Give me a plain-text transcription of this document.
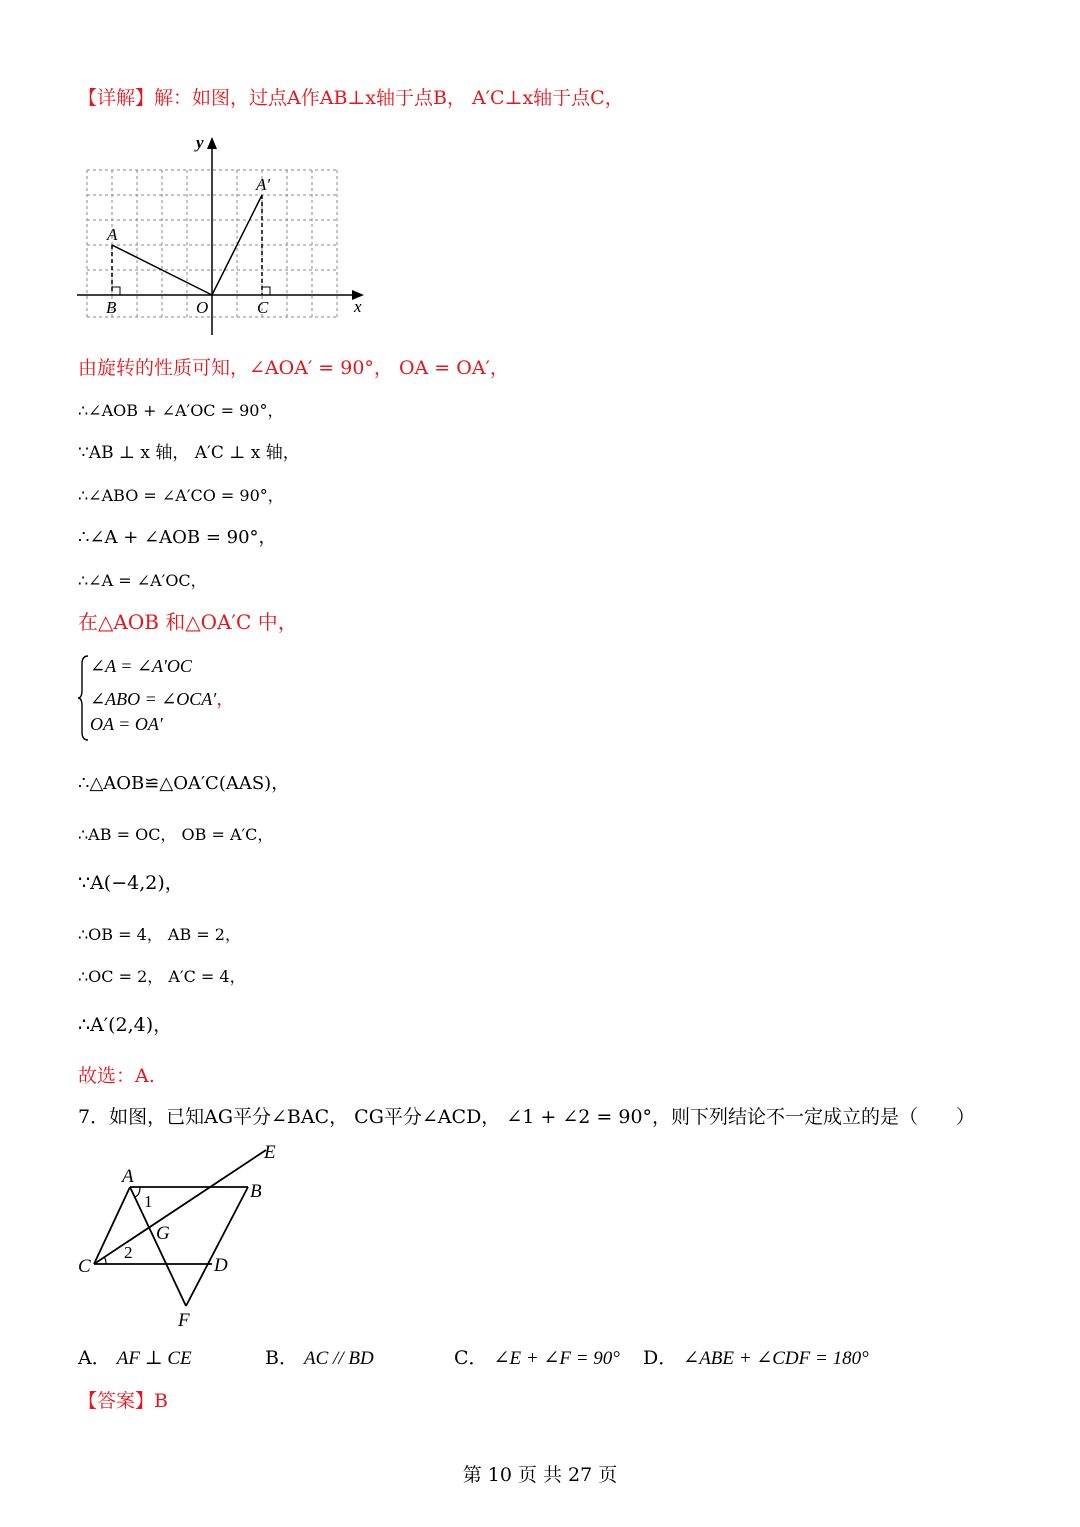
【详解】解：如图，过点A作AB⊥x轴于点B， A′C⊥x轴于点C，
y
x
A
A′
B	O	C
由旋转的性质可知，∠AOA′ = 90°， OA = OA′，
∴∠AOB + ∠A′OC = 90°，
∵AB ⊥ x 轴， A′C ⊥ x 轴，
∴∠ABO = ∠A′CO = 90°，
∴∠A + ∠AOB = 90°，
∴∠A = ∠A′OC，
在△AOB 和△OA′C 中，
∠A = ∠A′OC
∠ABO = ∠OCA′，
OA = OA′
∴△AOB≌△OA′C(AAS)，
∴AB = OC， OB = A′C，
∵A(−4,2)，
∴OB = 4， AB = 2，
∴OC = 2， A′C = 4，
∴A′(2,4)，
故选：A.
7．如图，已知AG平分∠BAC， CG平分∠ACD， ∠1 + ∠2 = 90°，则下列结论不一定成立的是（　　）
A
B
C	D
E
F
G
1
2
A． AF ⊥ CE	B． AC // BD	C． ∠E + ∠F = 90° D． ∠ABE + ∠CDF = 180°
【答案】B
第 10 页 共 27 页
